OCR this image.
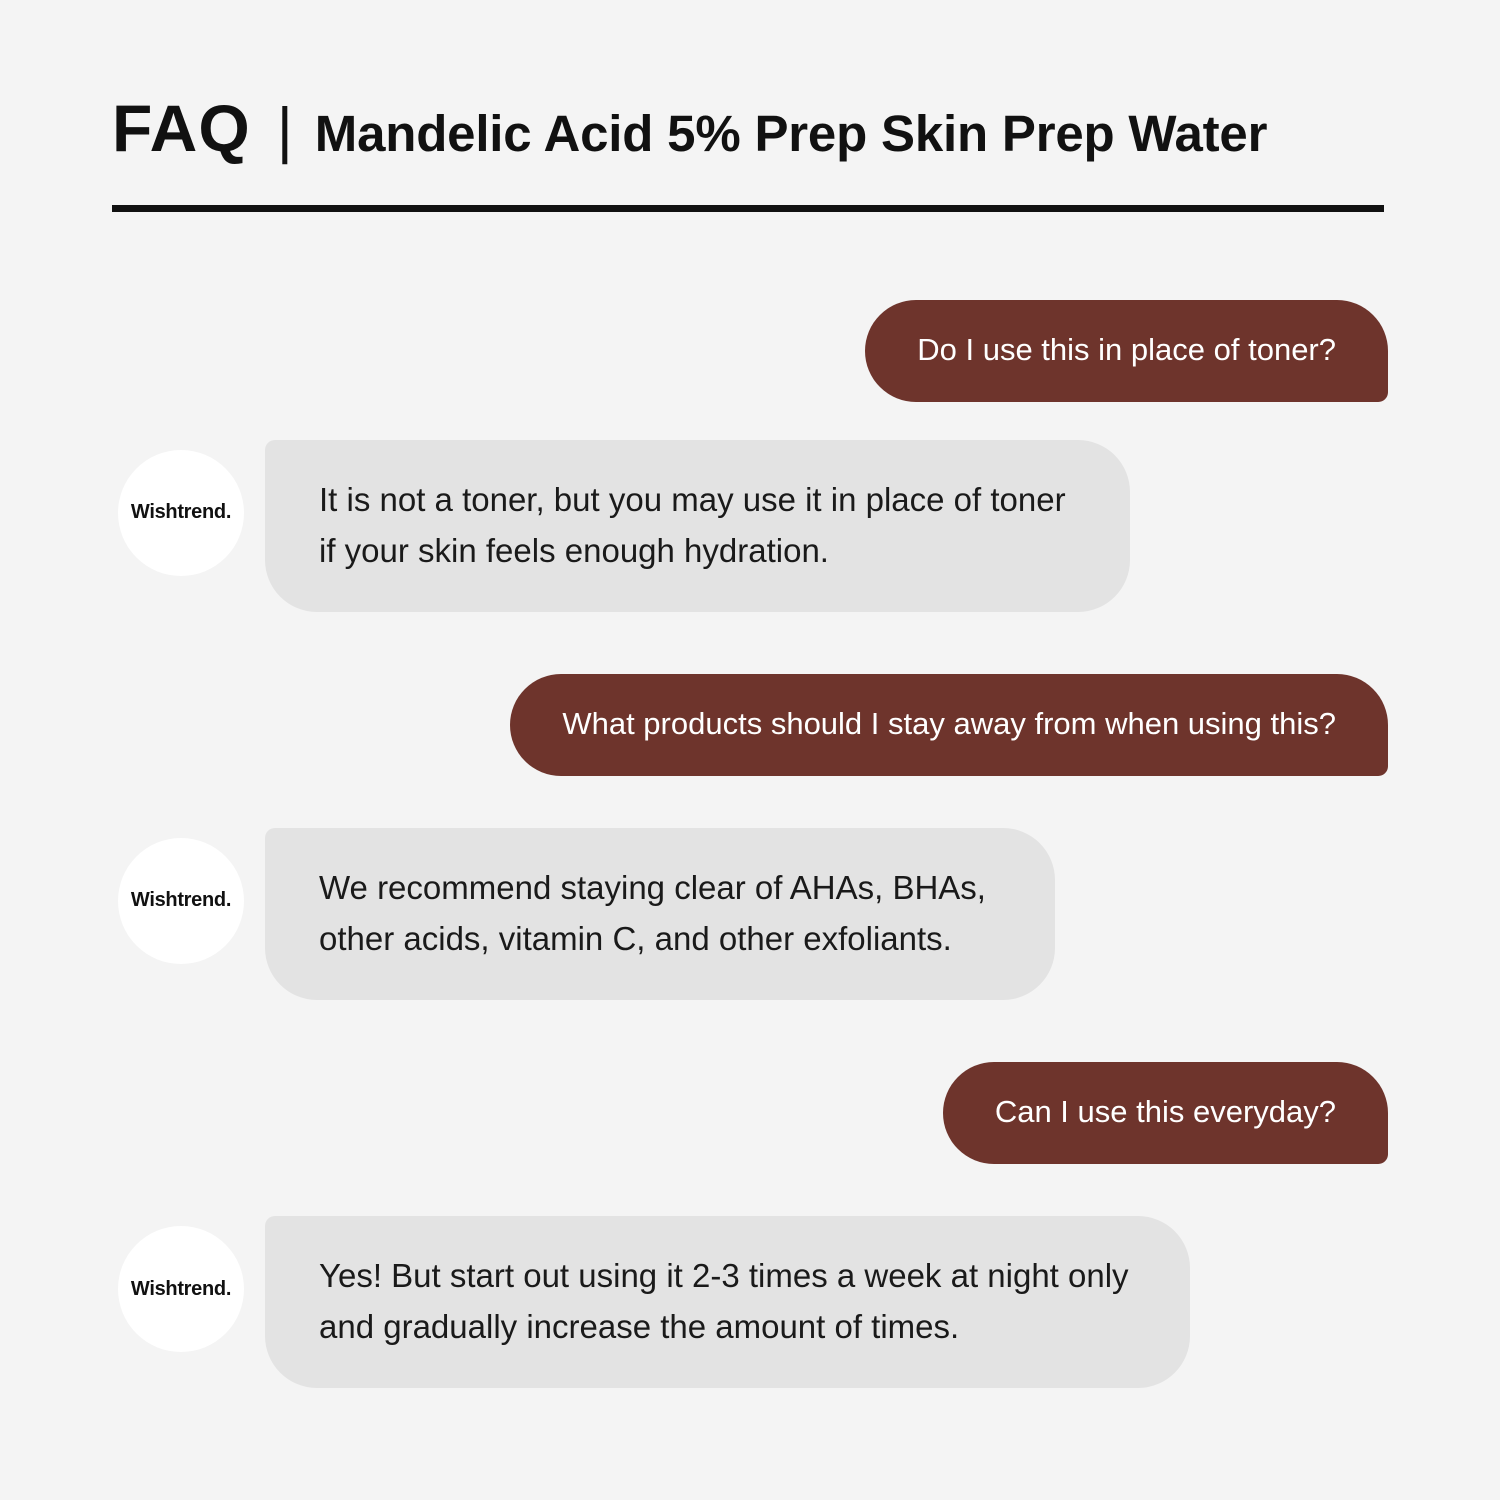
FAQ | Mandelic Acid 5% Prep Skin Prep Water
Do I use this in place of toner?
Wishtrend.	It is not a toner, but you may use it in place of toner if your skin feels enough hydration.
What products should I stay away from when using this?
Wishtrend.	We recommend staying clear of AHAs, BHAs, other acids, vitamin C, and other exfoliants.
Can I use this everyday?
Wishtrend.	Yes! But start out using it 2-3 times a week at night only and gradually increase the amount of times.
